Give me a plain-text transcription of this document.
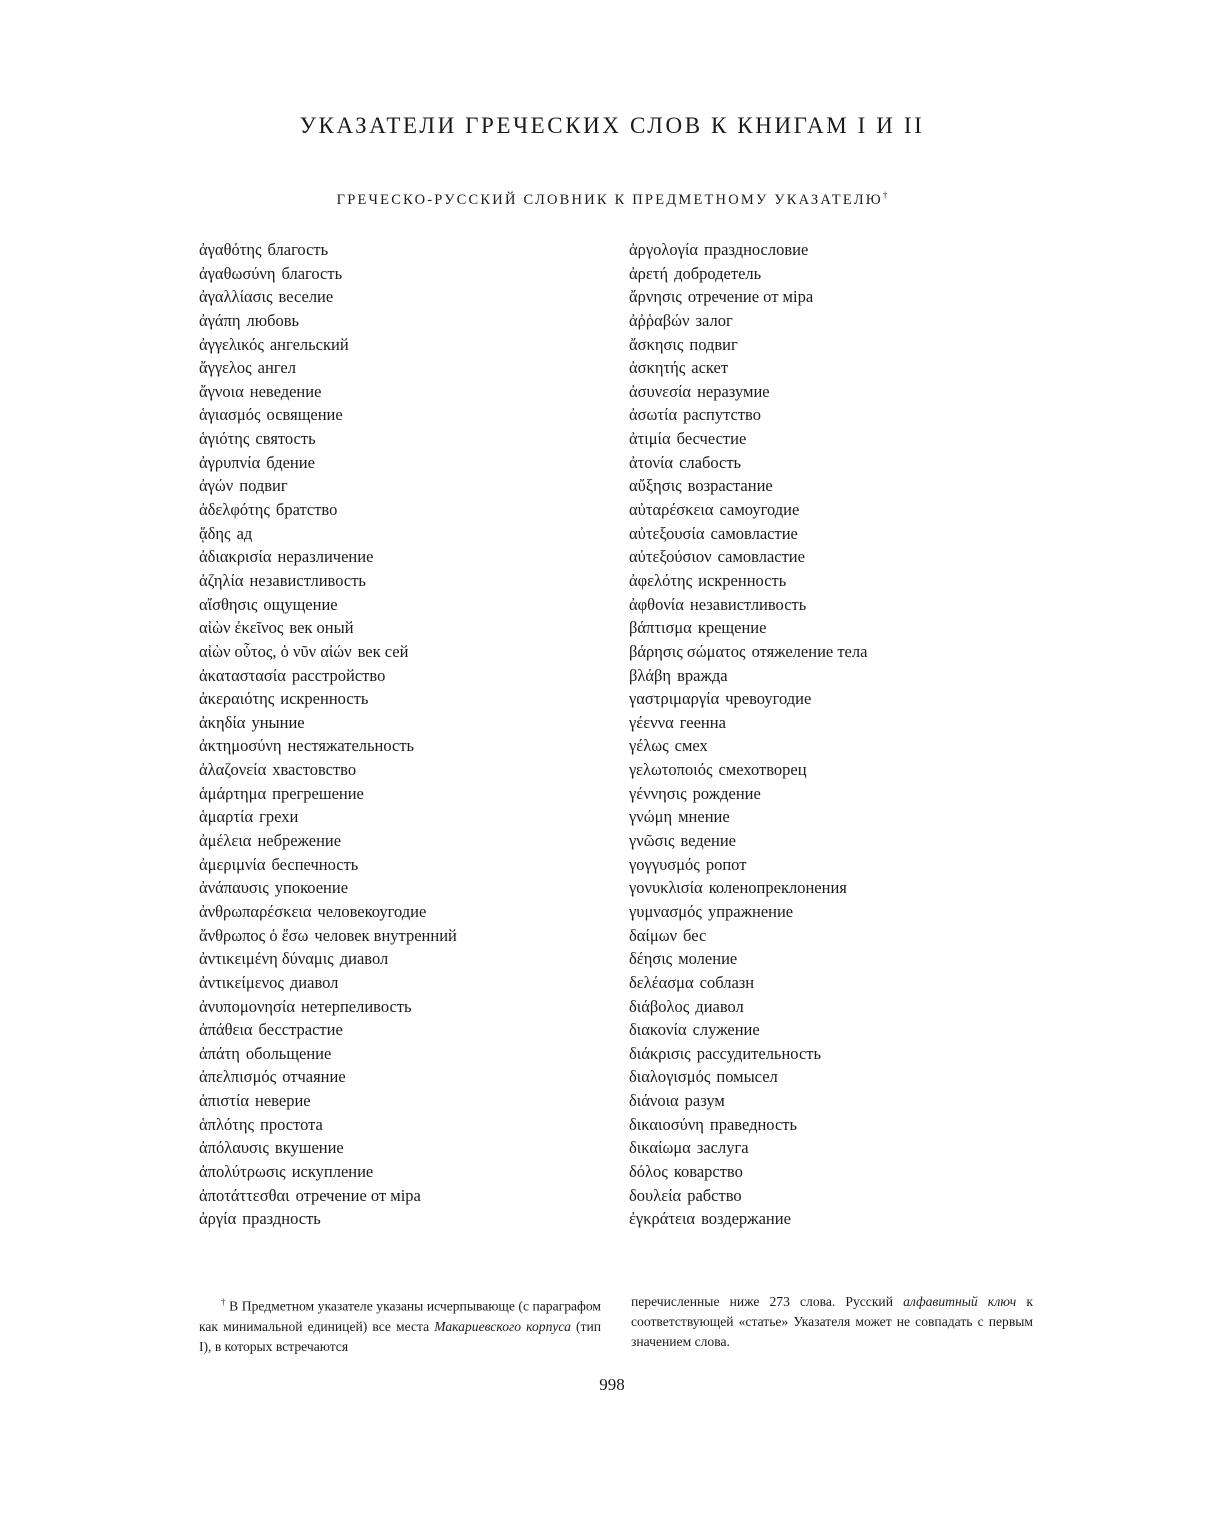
УКАЗАТЕЛИ ГРЕЧЕСКИХ СЛОВ К КНИГАМ I И II
ГРЕЧЕСКО-РУССКИЙ СЛОВНИК К ПРЕДМЕТНОМУ УКАЗАТЕЛЮ†
ἀγαθότης благость
ἀγαθωσύνη благость
ἀγαλλίασις веселие
ἀγάπη любовь
ἀγγελικός ангельский
ἄγγελος ангел
ἄγνοια неведение
ἁγιασμός освящение
ἁγιότης святость
ἀγρυπνία бдение
ἀγών подвиг
ἀδελφότης братство
ᾅδης ад
ἀδιακρισία неразличение
ἀζηλία независтливость
αἴσθησις ощущение
αἰὼν ἐκεῖνος век оный
αἰὼν οὗτος, ὁ νῦν αἰών век сей
ἀκαταστασία расстройство
ἀκεραιότης искренность
ἀκηδία уныние
ἀκτημοσύνη нестяжательность
ἀλαζονεία хвастовство
ἁμάρτημα прегрешение
ἁμαρτία грехи
ἀμέλεια небрежение
ἀμεριμνία беспечность
ἀνάπαυσις упокоение
ἀνθρωπαρέσκεια человекоугодие
ἄνθρωπος ὁ ἔσω человек внутренний
ἀντικειμένη δύναμις диавол
ἀντικείμενος диавол
ἀνυπομονησία нетерпеливость
ἀπάθεια бесстрастие
ἀπάτη обольщение
ἀπελπισμός отчаяние
ἀπιστία неверие
ἁπλότης простота
ἀπόλαυσις вкушение
ἀπολύτρωσις искупление
ἀποτάττεσθαι отречение от міра
ἀργία праздность
ἀργολογία празднословие
ἀρετή добродетель
ἄρνησις отречение от міра
ἀῤῥαβών залог
ἄσκησις подвиг
ἀσκητής аскет
ἀσυνεσία неразумие
ἀσωτία распутство
ἀτιμία бесчестие
ἀτονία слабость
αὔξησις возрастание
αὐταρέσκεια самоугодие
αὐτεξουσία самовластие
αὐτεξούσιον самовластие
ἀφελότης искренность
ἀφθονία независтливость
βάπτισμα крещение
βάρησις σώματος отяжеление тела
βλάβη вражда
γαστριμαργία чревоугодие
γέεννα геенна
γέλως смех
γελωτοποιός смехотворец
γέννησις рождение
γνώμη мнение
γνῶσις ведение
γογγυσμός ропот
γονυκλισία коленопреклонения
γυμνασμός упражнение
δαίμων бес
δέησις моление
δελέασμα соблазн
διάβολος диавол
διακονία служение
διάκρισις рассудительность
διαλογισμός помысел
διάνοια разум
δικαιοσύνη праведность
δικαίωμα заслуга
δόλος коварство
δουλεία рабство
ἐγκράτεια воздержание
† В Предметном указателе указаны исчерпывающе (с параграфом как минимальной единицей) все места Макариевского корпуса (тип I), в которых встречаются
перечисленные ниже 273 слова. Русский алфавитный ключ к соответствующей «статье» Указателя может не совпадать с первым значением слова.
998
